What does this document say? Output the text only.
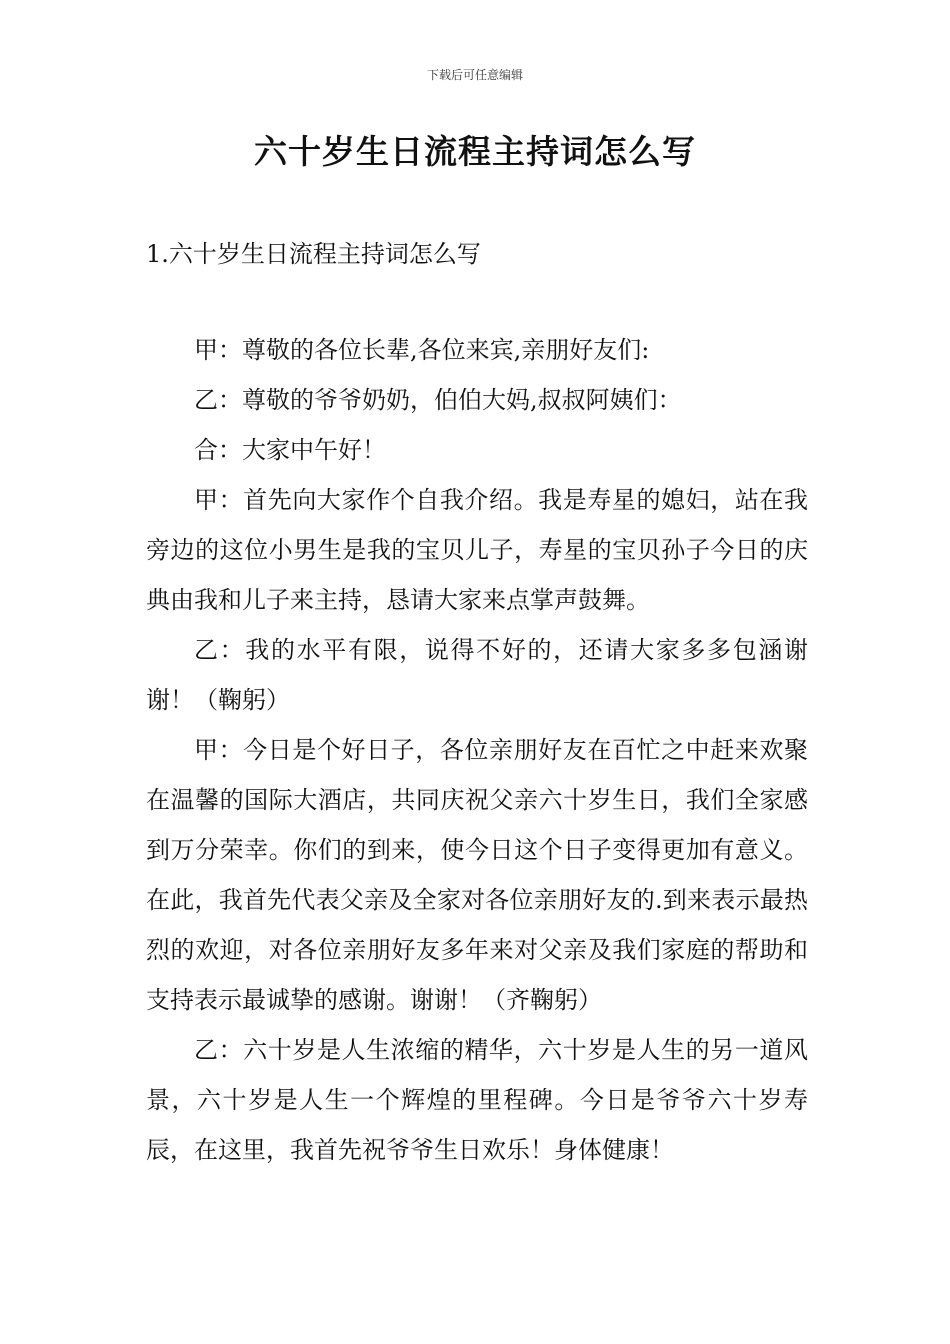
下载后可任意编辑
六十岁生日流程主持词怎么写
1.六十岁生日流程主持词怎么写

甲：尊敬的各位长辈,各位来宾,亲朋好友们:

乙：尊敬的爷爷奶奶，伯伯大妈,叔叔阿姨们：

合：大家中午好！

甲：首先向大家作个自我介绍。我是寿星的媳妇，站在我旁边的这位小男生是我的宝贝儿子，寿星的宝贝孙子今日的庆典由我和儿子来主持，恳请大家来点掌声鼓舞。

乙：我的水平有限，说得不好的，还请大家多多包涵谢谢！（鞠躬）

甲：今日是个好日子，各位亲朋好友在百忙之中赶来欢聚在温馨的国际大酒店，共同庆祝父亲六十岁生日，我们全家感到万分荣幸。你们的到来，使今日这个日子变得更加有意义。在此，我首先代表父亲及全家对各位亲朋好友的.到来表示最热烈的欢迎，对各位亲朋好友多年来对父亲及我们家庭的帮助和支持表示最诚挚的感谢。谢谢！（齐鞠躬）

乙：六十岁是人生浓缩的精华，六十岁是人生的另一道风景，六十岁是人生一个辉煌的里程碑。今日是爷爷六十岁寿辰，在这里，我首先祝爷爷生日欢乐！身体健康！
